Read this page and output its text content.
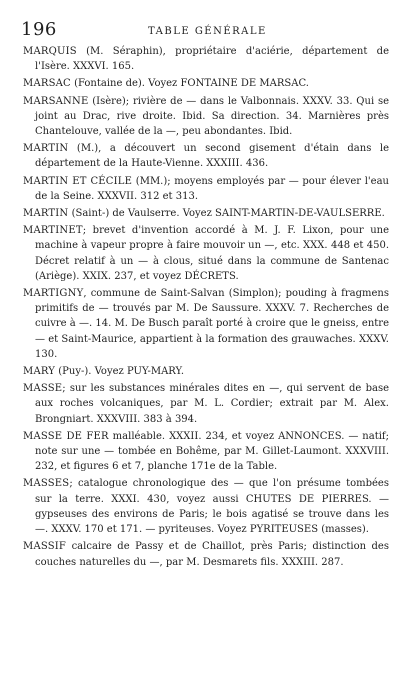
196	TABLE GÉNÉRALE

MARQUIS (M. Séraphin), propriétaire d'aciérie, département de l'Isère. XXXVI. 165.

MARSAC (Fontaine de). Voyez FONTAINE DE MARSAC.

MARSANNE (Isère); rivière de — dans le Valbonnais. XXXV. 33. Qui se joint au Drac, rive droite. Ibid. Sa direction. 34. Marnières près Chantelouve, vallée de la —, peu abondantes. Ibid.

MARTIN (M.), a découvert un second gisement d'étain dans le département de la Haute-Vienne. XXXIII. 436.

MARTIN ET CÉCILE (MM.); moyens employés par — pour élever l'eau de la Seine. XXXVII. 312 et 313.

MARTIN (Saint-) de Vaulserre. Voyez SAINT-MARTIN-DE-VAULSERRE.

MARTINET; brevet d'invention accordé à M. J. F. Lixon, pour une machine à vapeur propre à faire mouvoir un —, etc. XXX. 448 et 450. Décret relatif à un — à clous, situé dans la commune de Santenac (Ariège). XXIX. 237, et voyez DÉCRETS.

MARTIGNY, commune de Saint-Salvan (Simplon); pouding à fragmens primitifs de — trouvés par M. De Saussure. XXXV. 7. Recherches de cuivre à —. 14. M. De Busch paraît porté à croire que le gneiss, entre — et Saint-Maurice, appartient à la formation des grauwaches. XXXV. 130.

MARY (Puy-). Voyez PUY-MARY.

MASSE; sur les substances minérales dites en —, qui servent de base aux roches volcaniques, par M. L. Cordier; extrait par M. Alex. Brongniart. XXXVIII. 383 à 394.

MASSE DE FER malléable. XXXII. 234, et voyez ANNONCES. — natif; note sur une — tombée en Bohême, par M. Gillet-Laumont. XXXVIII. 232, et figures 6 et 7, planche 171e de la Table.

MASSES; catalogue chronologique des — que l'on présume tombées sur la terre. XXXI. 430, voyez aussi CHUTES DE PIERRES. — gypseuses des environs de Paris; le bois agatisé se trouve dans les —. XXXV. 170 et 171. — pyriteuses. Voyez PYRITEUSES (masses).

MASSIF calcaire de Passy et de Chaillot, près Paris; distinction des couches naturelles du —, par M. Desmarets fils. XXXIII. 287.
